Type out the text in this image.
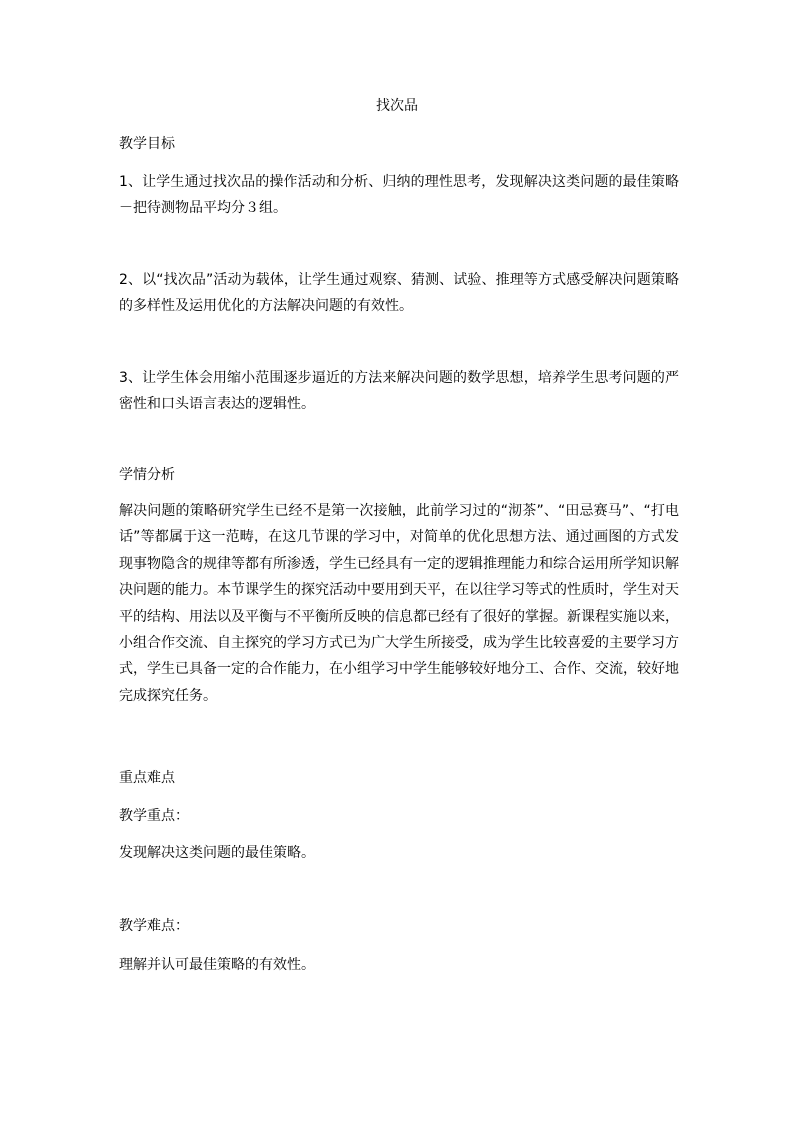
找次品

教学目标

1、让学生通过找次品的操作活动和分析、归纳的理性思考，发现解决这类问题的最佳策略－把待测物品平均分３组。

2、以“找次品”活动为载体，让学生通过观察、猜测、试验、推理等方式感受解决问题策略的多样性及运用优化的方法解决问题的有效性。

3、让学生体会用缩小范围逐步逼近的方法来解决问题的数学思想，培养学生思考问题的严密性和口头语言表达的逻辑性。

学情分析

解决问题的策略研究学生已经不是第一次接触，此前学习过的“沏茶”、“田忌赛马”、“打电话”等都属于这一范畴，在这几节课的学习中，对简单的优化思想方法、通过画图的方式发现事物隐含的规律等都有所渗透，学生已经具有一定的逻辑推理能力和综合运用所学知识解决问题的能力。本节课学生的探究活动中要用到天平，在以往学习等式的性质时，学生对天平的结构、用法以及平衡与不平衡所反映的信息都已经有了很好的掌握。新课程实施以来，小组合作交流、自主探究的学习方式已为广大学生所接受，成为学生比较喜爱的主要学习方式，学生已具备一定的合作能力，在小组学习中学生能够较好地分工、合作、交流，较好地完成探究任务。

重点难点

教学重点：

发现解决这类问题的最佳策略。

教学难点：

理解并认可最佳策略的有效性。
